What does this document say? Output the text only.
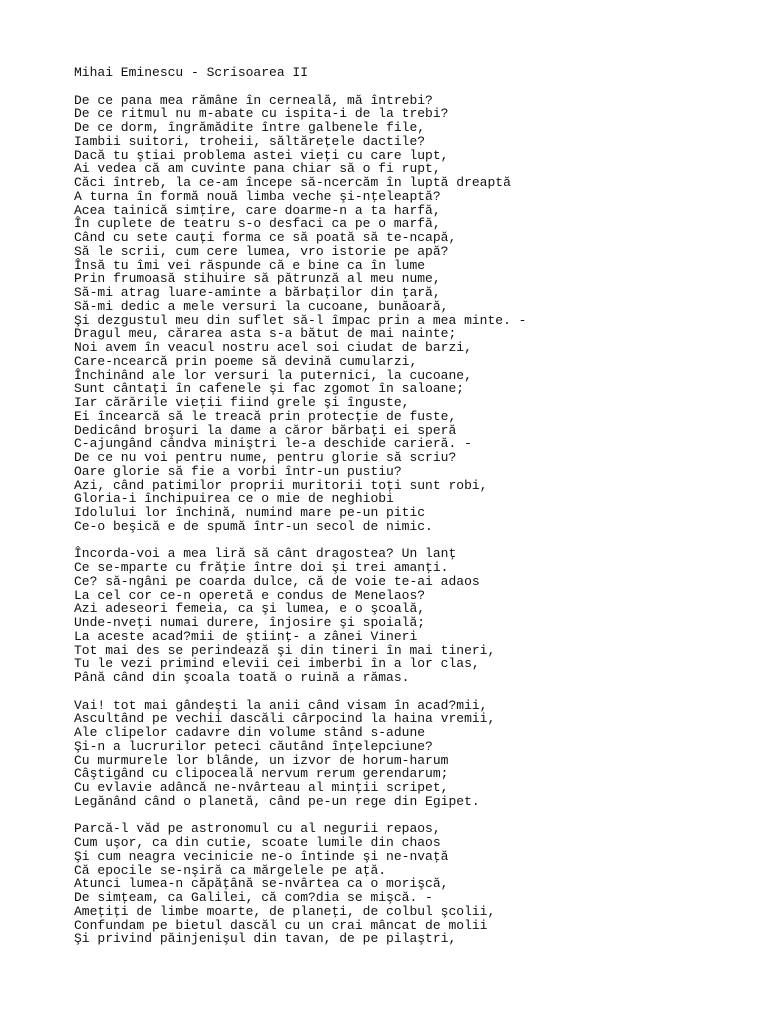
Mihai Eminescu - Scrisoarea II
De ce pana mea rămâne în cerneală, mă întrebi?
De ce ritmul nu m-abate cu ispita-i de la trebi?
De ce dorm, îngrămădite între galbenele file,
Iambii suitori, troheii, săltăreţele dactile?
Dacă tu ştiai problema astei vieţi cu care lupt,
Ai vedea că am cuvinte pana chiar să o fi rupt,
Căci întreb, la ce-am începe să-ncercăm în luptă dreaptă
A turna în formă nouă limba veche şi-nţeleaptă?
Acea tainică simţire, care doarme-n a ta harfă,
În cuplete de teatru s-o desfaci ca pe o marfă,
Când cu sete cauţi forma ce să poată să te-ncapă,
Să le scrii, cum cere lumea, vro istorie pe apă?
Însă tu îmi vei răspunde că e bine ca în lume
Prin frumoasă stihuire să pătrunză al meu nume,
Să-mi atrag luare-aminte a bărbaţilor din ţară,
Să-mi dedic a mele versuri la cucoane, bunăoară,
Şi dezgustul meu din suflet să-l împac prin a mea minte. -
Dragul meu, cărarea asta s-a bătut de mai nainte;
Noi avem în veacul nostru acel soi ciudat de barzi,
Care-ncearcă prin poeme să devină cumularzi,
Închinând ale lor versuri la puternici, la cucoane,
Sunt cântaţi în cafenele şi fac zgomot în saloane;
Iar cărările vieţii fiind grele şi înguste,
Ei încearcă să le treacă prin protecţie de fuste,
Dedicând broşuri la dame a căror bărbaţi ei speră
C-ajungând cândva miniştri le-a deschide carieră. -
De ce nu voi pentru nume, pentru glorie să scriu?
Oare glorie să fie a vorbi într-un pustiu?
Azi, când patimilor proprii muritorii toţi sunt robi,
Gloria-i închipuirea ce o mie de neghiobi
Idolului lor închină, numind mare pe-un pitic
Ce-o beşică e de spumă într-un secol de nimic.
Încorda-voi a mea liră să cânt dragostea? Un lanţ
Ce se-mparte cu frăţie între doi şi trei amanţi.
Ce? să-ngâni pe coarda dulce, că de voie te-ai adaos
La cel cor ce-n operetă e condus de Menelaos?
Azi adeseori femeia, ca şi lumea, e o şcoală,
Unde-nveţi numai durere, înjosire şi spoială;
La aceste acad?mii de ştiinţ- a zânei Vineri
Tot mai des se perindează şi din tineri în mai tineri,
Tu le vezi primind elevii cei imberbi în a lor clas,
Până când din şcoala toată o ruină a rămas.
Vai! tot mai gândeşti la anii când visam în acad?mii,
Ascultând pe vechii dascăli cârpocind la haina vremii,
Ale clipelor cadavre din volume stând s-adune
Şi-n a lucrurilor peteci căutând înţelepciune?
Cu murmurele lor blânde, un izvor de horum-harum
Câştigând cu clipoceală nervum rerum gerendarum;
Cu evlavie adâncă ne-nvârteau al minţii scripet,
Legănând când o planetă, când pe-un rege din Egipet.
Parcă-l văd pe astronomul cu al negurii repaos,
Cum uşor, ca din cutie, scoate lumile din chaos
Şi cum neagra vecinicie ne-o întinde şi ne-nvaţă
Că epocile se-nşiră ca mărgelele pe aţă.
Atunci lumea-n căpăţână se-nvârtea ca o morişcă,
De simţeam, ca Galilei, că com?dia se mişcă. -
Ameţiţi de limbe moarte, de planeţi, de colbul şcolii,
Confundam pe bietul dascăl cu un crai mâncat de molii
Şi privind păinjenişul din tavan, de pe pilaştri,
